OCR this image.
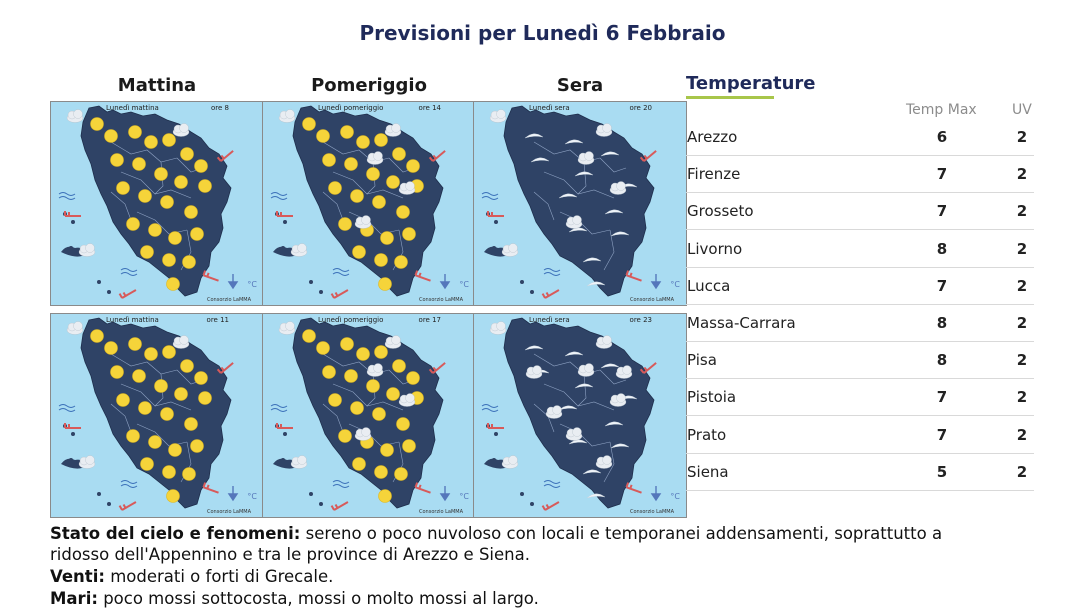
Previsioni per Lunedì 6 Febbraio
Mattina	Pomeriggio	Sera
Lunedì mattina	ore 8
°C
Consorzio LaMMA
Lunedì pomeriggio	ore 14
°C
Consorzio LaMMA
Lunedì sera	ore 20
°C
Consorzio LaMMA
Lunedì mattina	ore 11
°C
Consorzio LaMMA
Lunedì pomeriggio	ore 17
°C
Consorzio LaMMA
Lunedì sera	ore 23
°C
Consorzio LaMMA
Temperature
Temp Max	UV
Arezzo	6	2
Firenze	7	2
Grosseto	7	2
Livorno	8	2
Lucca	7	2
Massa-Carrara	8	2
Pisa	8	2
Pistoia	7	2
Prato	7	2
Siena	5	2
Stato del cielo e fenomeni: sereno o poco nuvoloso con locali e temporanei addensamenti, soprattutto a
ridosso dell'Appennino e tra le province di Arezzo e Siena.
Venti: moderati o forti di Grecale.
Mari: poco mossi sottocosta, mossi o molto mossi al largo.
